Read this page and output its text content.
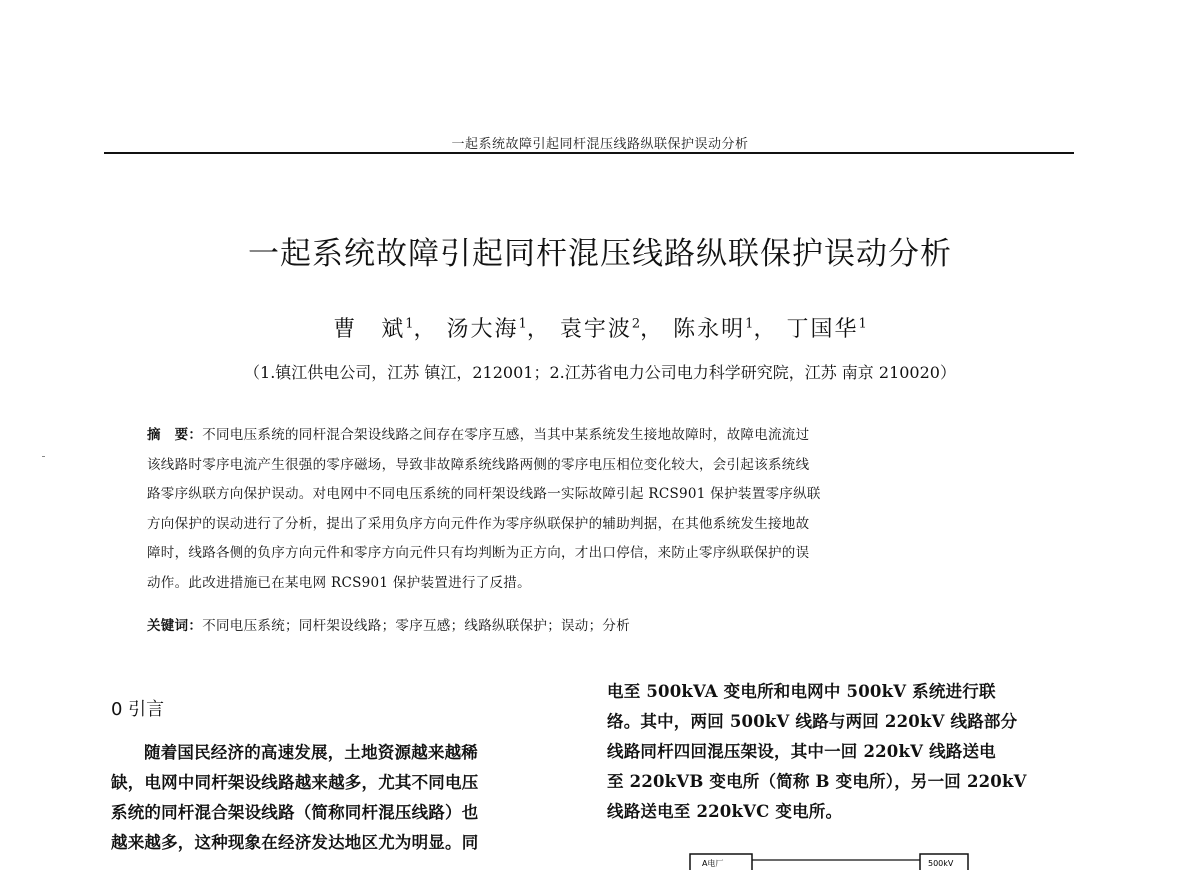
一起系统故障引起同杆混压线路纵联保护误动分析
一起系统故障引起同杆混压线路纵联保护误动分析
曹　斌$^1$， 汤大海$^1$， 袁宇波$^2$， 陈永明$^1$， 丁国华$^1$
（1.镇江供电公司，江苏 镇江，212001；2.江苏省电力公司电力科学研究院，江苏 南京 210020）
摘　要：不同电压系统的同杆混合架设线路之间存在零序互感，当其中某系统发生接地故障时，故障电流流过
该线路时零序电流产生很强的零序磁场，导致非故障系统线路两侧的零序电压相位变化较大，会引起该系统线
路零序纵联方向保护误动。对电网中不同电压系统的同杆架设线路一实际故障引起 RCS901 保护装置零序纵联
方向保护的误动进行了分析，提出了采用负序方向元件作为零序纵联保护的辅助判据，在其他系统发生接地故
障时，线路各侧的负序方向元件和零序方向元件只有均判断为正方向，才出口停信，来防止零序纵联保护的误
动作。此改进措施已在某电网 RCS901 保护装置进行了反措。
关键词：不同电压系统；同杆架设线路；零序互感；线路纵联保护；误动；分析
0 引言
随着国民经济的高速发展，土地资源越来越稀
缺，电网中同杆架设线路越来越多，尤其不同电压
系统的同杆混合架设线路（简称同杆混压线路）也
越来越多，这种现象在经济发达地区尤为明显。同
电至 500kVA 变电所和电网中 500kV 系统进行联
络。其中，两回 500kV 线路与两回 220kV 线路部分
线路同杆四回混压架设，其中一回 220kV 线路送电
至 220kVB 变电所（简称 B 变电所），另一回 220kV
线路送电至 220kVC 变电所。
A电厂	500kV
